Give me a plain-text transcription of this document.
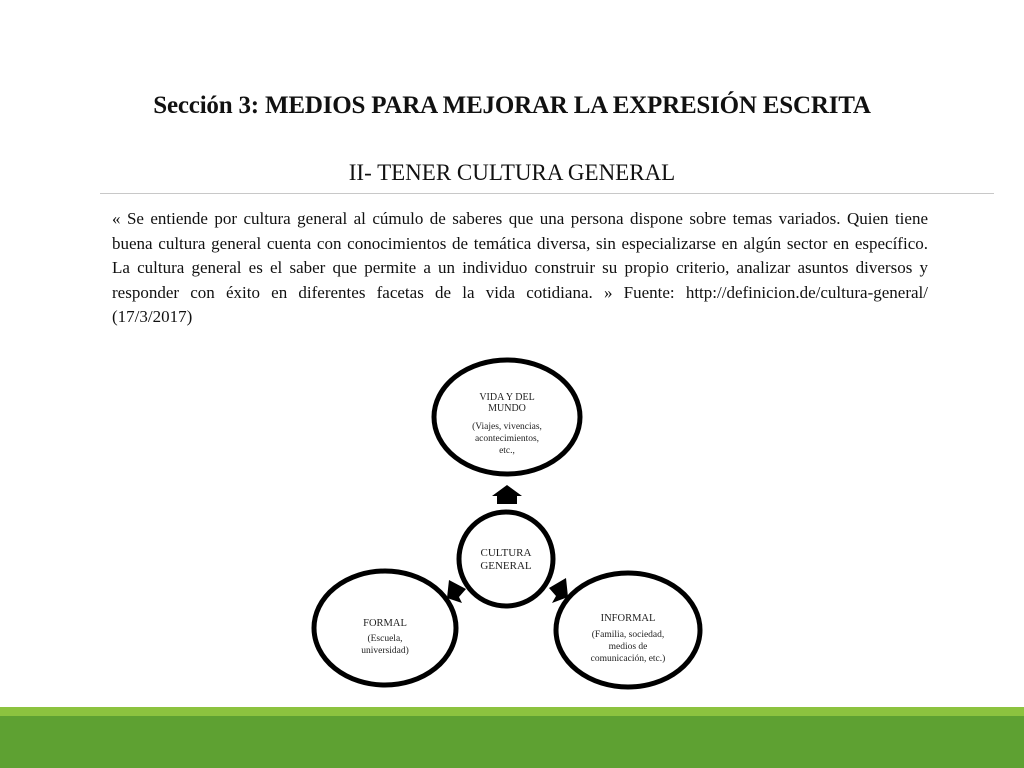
Sección 3: MEDIOS PARA MEJORAR LA EXPRESIÓN ESCRITA
II- TENER CULTURA GENERAL
« Se entiende por cultura general al cúmulo de saberes que una persona dispone sobre temas variados. Quien tiene buena cultura general cuenta con conocimientos de temática diversa, sin especializarse en algún sector en específico. La cultura general es el saber que permite a un individuo construir su propio criterio, analizar asuntos diversos y responder con éxito en diferentes facetas de la vida cotidiana. » Fuente: http://definicion.de/cultura-general/ (17/3/2017)
VIDA Y DEL
MUNDO
(Viajes, vivencias,
acontecimientos,
etc.,
CULTURA
GENERAL
FORMAL
(Escuela,
universidad)
INFORMAL
(Familia, sociedad,
medios de
comunicación, etc.)
